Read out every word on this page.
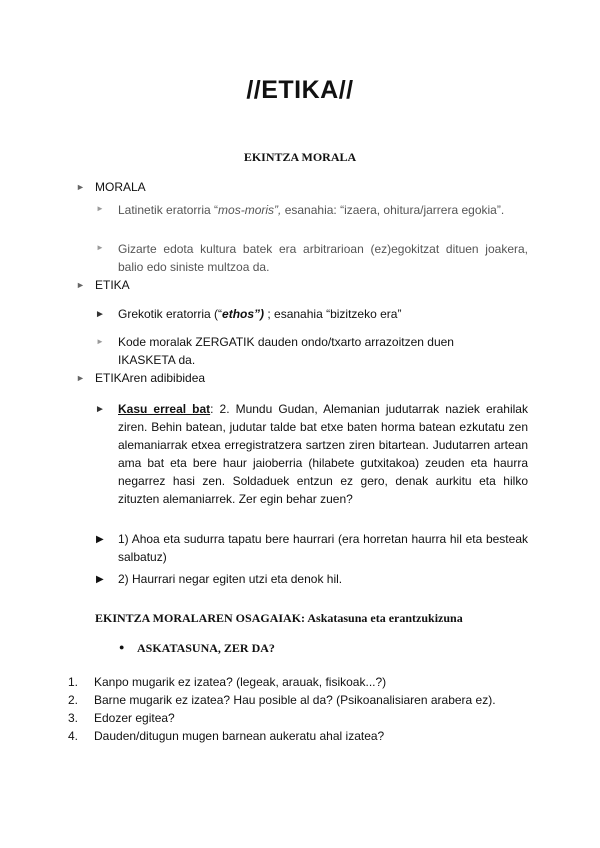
//ETIKA//
EKINTZA MORALA
► MORALA
► Latinetik eratorria “mos-moris”, esanahia: “izaera, ohitura/jarrera egokia”.
► Gizarte edota kultura batek era arbitrarioan (ez)egokitzat dituen joakera, balio edo siniste multzoa da.
► ETIKA
► Grekotik eratorria (“ethos”) ; esanahia “bizitzeko era”
► Kode moralak ZERGATIK dauden ondo/txarto arrazoitzen duen IKASKETA da.
► ETIKAren adibibidea
► Kasu erreal bat: 2. Mundu Gudan, Alemanian judutarrak naziek erahilak ziren. Behin batean, judutar talde bat etxe baten horma batean ezkutatu zen alemaniarrak etxea erregistratzera sartzen ziren bitartean. Judutarren artean ama bat eta bere haur jaioberria (hilabete gutxitakoa) zeuden eta haurra negarrez hasi zen. Soldaduek entzun ez gero, denak aurkitu eta hilko zituzten alemaniarrek. Zer egin behar zuen?
▶ 1) Ahoa eta sudurra tapatu bere haurrari (era horretan haurra hil eta besteak salbatuz)
▶ 2) Haurrari negar egiten utzi eta denok hil.
EKINTZA MORALAREN OSAGAIAK: Askatasuna eta erantzukizuna
● ASKATASUNA, ZER DA?
1.	Kanpo mugarik ez izatea? (legeak, arauak, fisikoak...?)
2.	Barne mugarik ez izatea? Hau posible al da? (Psikoanalisiaren arabera ez).
3.	Edozer egitea?
4.	Dauden/ditugun mugen barnean aukeratu ahal izatea?
